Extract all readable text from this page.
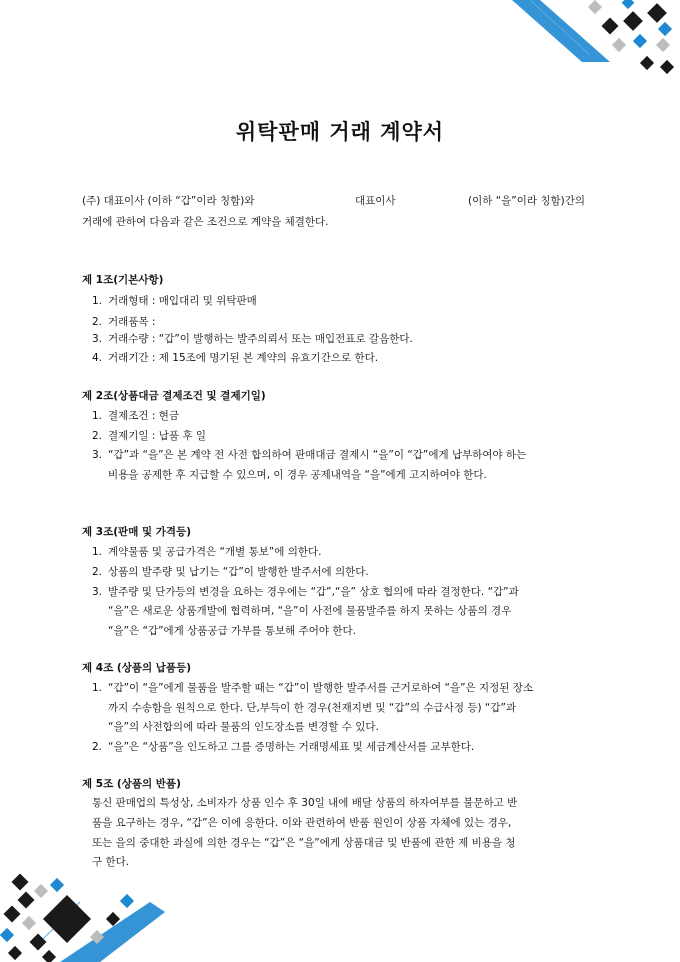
위탁판매 거래 계약서
(주) 대표이사 (이하 “갑”이라 칭함)와	대표이사	(이하 “을”이라 칭함)간의
거래에 관하여 다음과 같은 조건으로 계약을 체결한다.
제 1조(기본사항)
1. 거래형태 : 매입대리 및 위탁판매
2. 거래품목 :
3. 거래수량 : “갑”이 발행하는 발주의뢰서 또는 매입전표로 갈음한다.
4. 거래기간 : 제 15조에 명기된 본 계약의 유효기간으로 한다.
제 2조(상품대금 결제조건 및 결제기일)
1. 결제조건 : 현금
2. 결제기일 : 납품 후 일
3. “갑”과 “을”은 본 계약 전 사전 합의하여 판매대금 결제시 “을”이 “갑”에게 납부하여야 하는
비용을 공제한 후 지급할 수 있으며, 이 경우 공제내역을 “을”에게 고지하여야 한다.
제 3조(판매 및 가격등)
1. 계약물품 및 공급가격은 “개별 통보”에 의한다.
2. 상품의 발주량 및 납기는 “갑”이 발행한 발주서에 의한다.
3. 발주량 및 단가등의 변경을 요하는 경우에는 “갑”,“을” 상호 협의에 따라 결정한다. “갑”과
“을”은 새로운 상품개발에 협력하며, “을”이 사전에 물품발주를 하지 못하는 상품의 경우
“을”은 “갑”에게 상품공급 가부를 통보해 주어야 한다.
제 4조 (상품의 납품등)
1. “갑”이 “을”에게 물품을 발주할 때는 “갑”이 발행한 발주서를 근거로하여 “을”은 지정된 장소
까지 수송함을 원칙으로 한다. 단,부득이 한 경우(천재지변 및 “갑”의 수급사정 등) “갑”과
“을”의 사전합의에 따라 물품의 인도장소를 변경할 수 있다.
2. “을”은 “상품”을 인도하고 그를 증명하는 거래명세표 및 세금계산서를 교부한다.
제 5조 (상품의 반품)
통신 판매업의 특성상, 소비자가 상품 인수 후 30일 내에 배달 상품의 하자여부를 불문하고 반
품을 요구하는 경우, “갑”은 이에 응한다. 이와 관련하여 반품 원인이 상품 자체에 있는 경우,
또는 을의 중대한 과실에 의한 경우는 “갑”은 “을”에게 상품대금 및 반품에 관한 제 비용을 청
구 한다.
